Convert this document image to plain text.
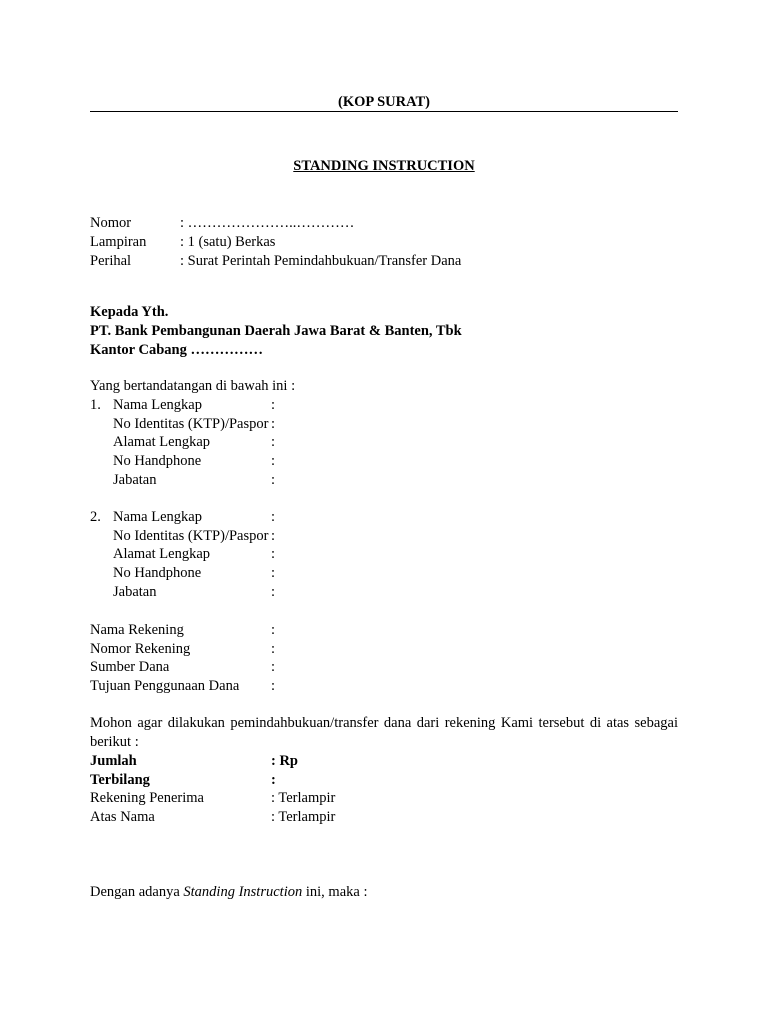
(KOP SURAT)
STANDING INSTRUCTION
Nomor	: …………………..…………
Lampiran	: 1 (satu) Berkas
Perihal	: Surat Perintah Pemindahbukuan/Transfer Dana
Kepada Yth.
PT. Bank Pembangunan Daerah Jawa Barat & Banten, Tbk
Kantor Cabang ……………
Yang bertandatangan di bawah ini :
1. Nama Lengkap	:
No Identitas (KTP)/Paspor :
Alamat Lengkap	:
No Handphone	:
Jabatan	:
2. Nama Lengkap	:
No Identitas (KTP)/Paspor :
Alamat Lengkap	:
No Handphone	:
Jabatan	:
Nama Rekening	:
Nomor Rekening	:
Sumber Dana	:
Tujuan Penggunaan Dana	:
Mohon agar dilakukan pemindahbukuan/transfer dana dari rekening Kami tersebut di atas sebagai berikut :
Jumlah	: Rp
Terbilang	:
Rekening Penerima	: Terlampir
Atas Nama	: Terlampir
Dengan adanya Standing Instruction ini, maka :
